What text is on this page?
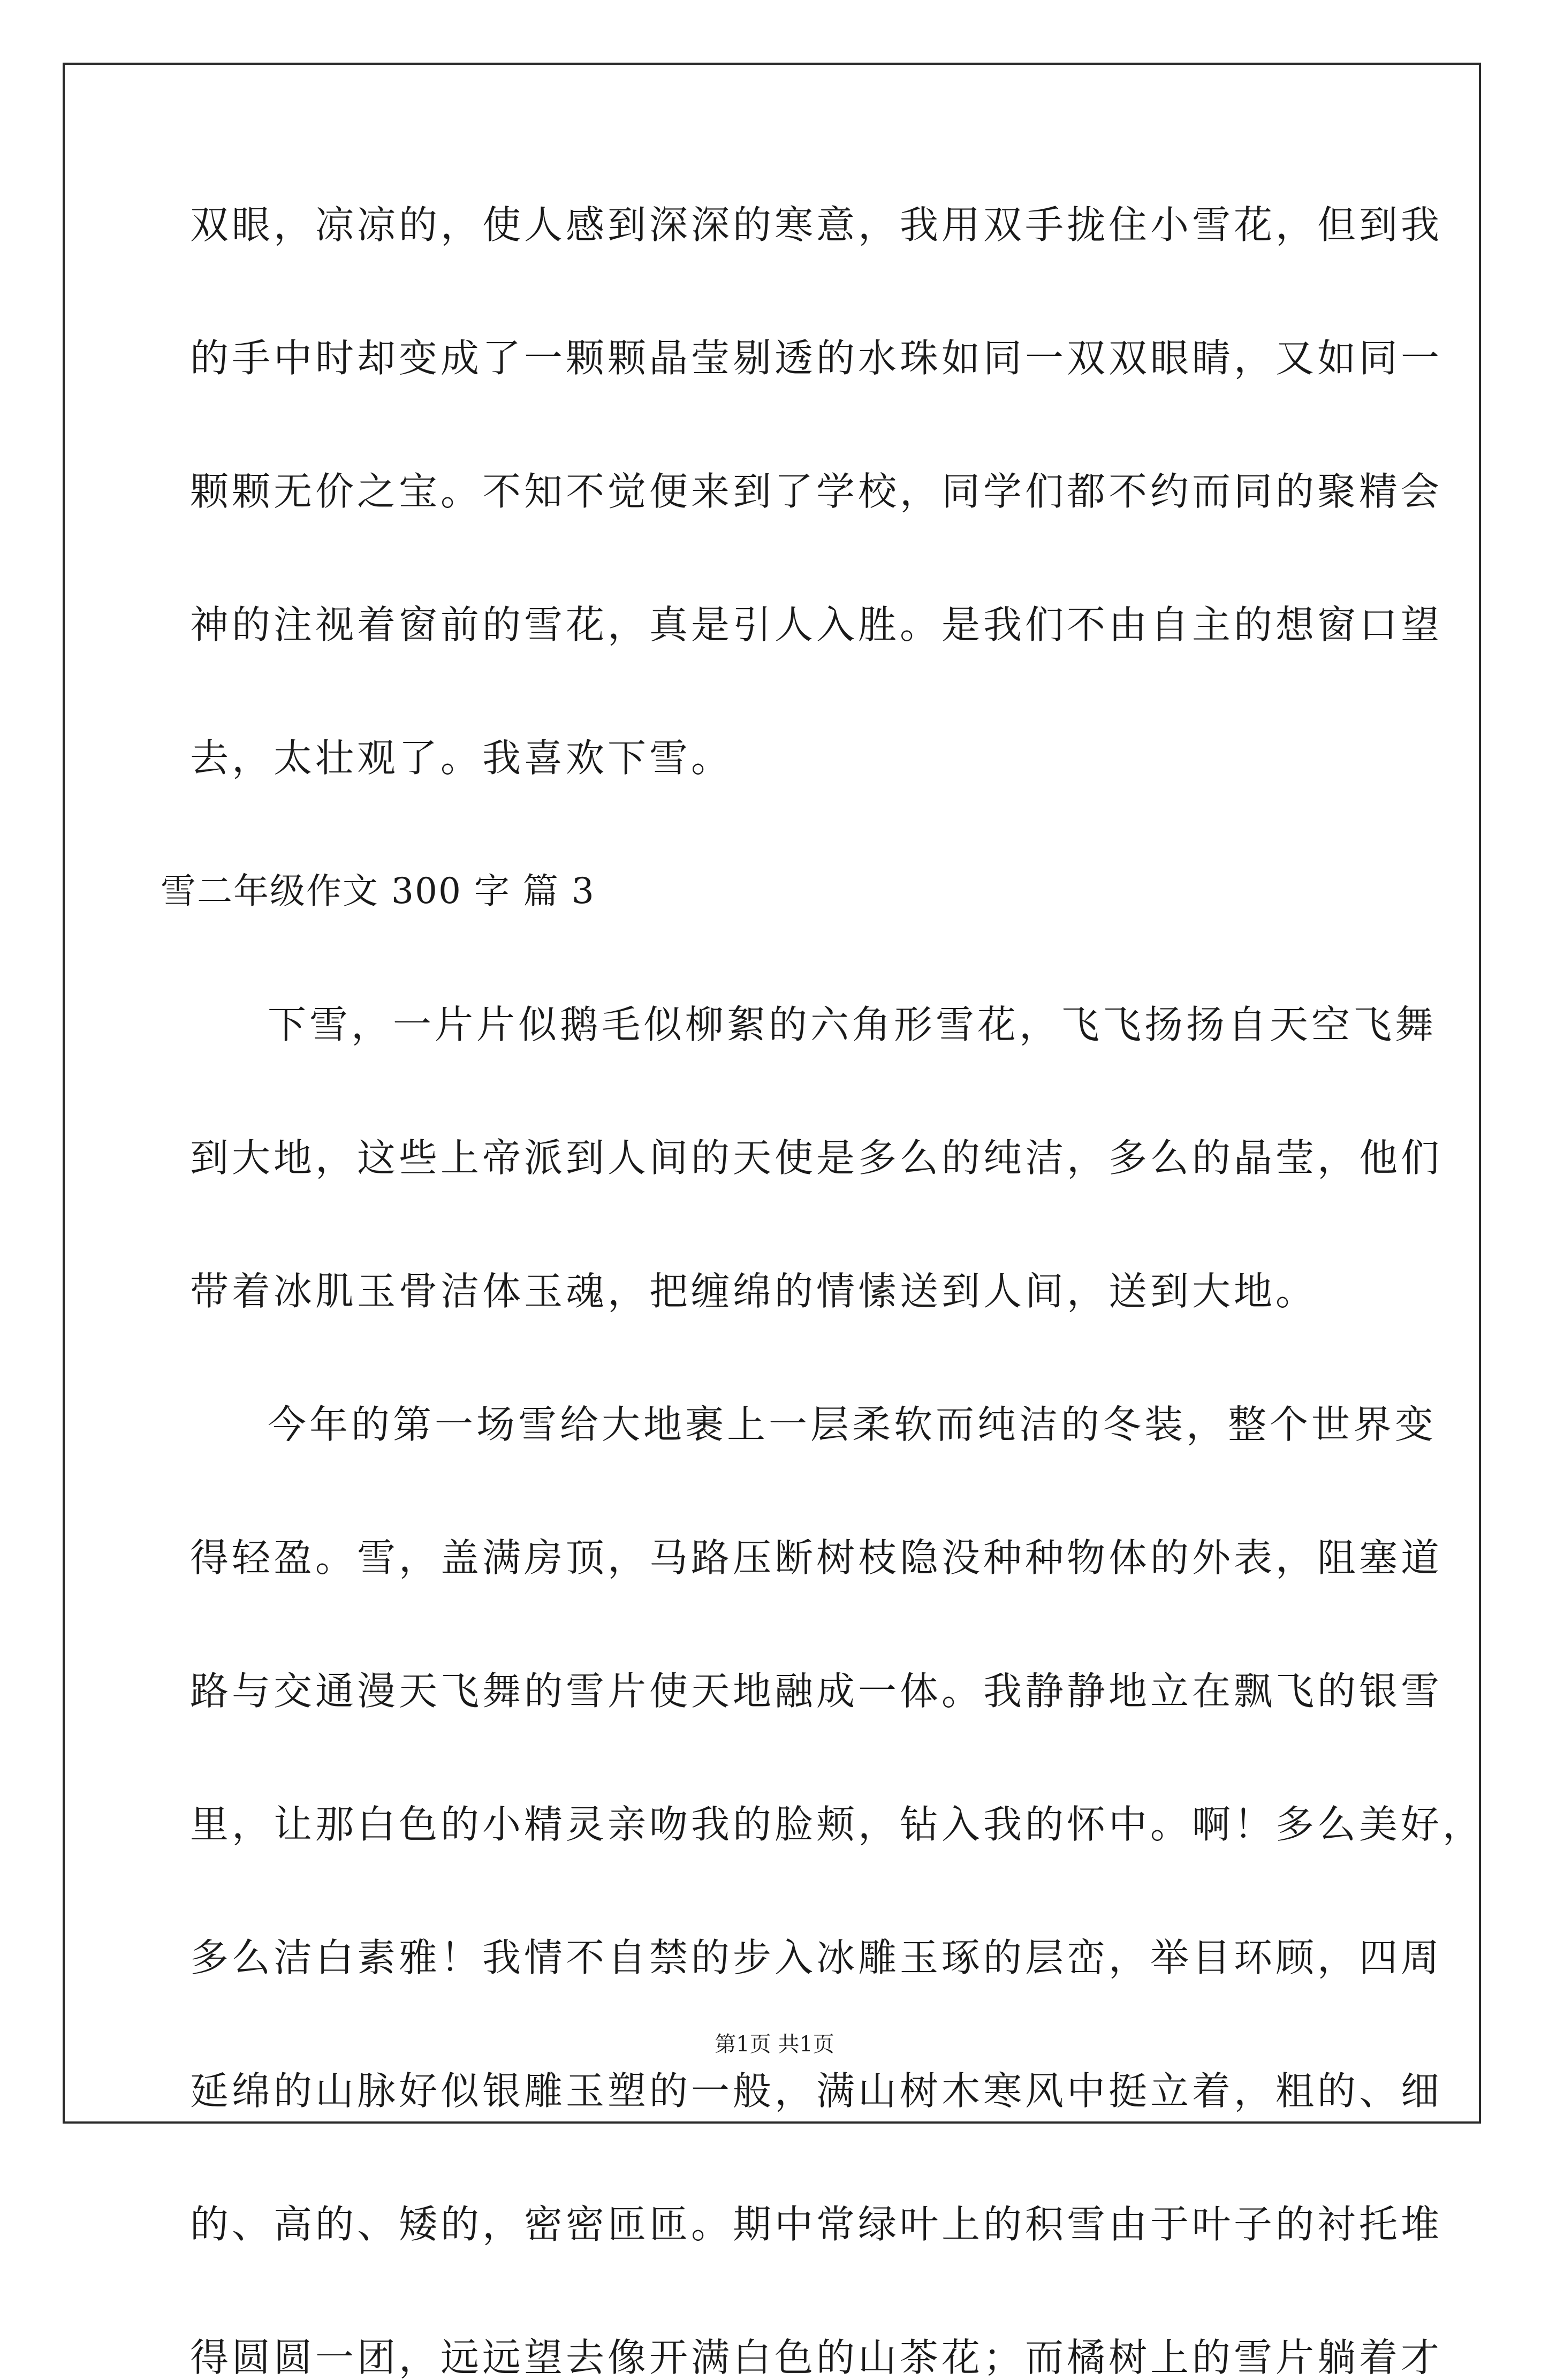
双眼，凉凉的，使人感到深深的寒意，我用双手拢住小雪花，但到我
的手中时却变成了一颗颗晶莹剔透的水珠如同一双双眼睛，又如同一
颗颗无价之宝。不知不觉便来到了学校，同学们都不约而同的聚精会
神的注视着窗前的雪花，真是引人入胜。是我们不由自主的想窗口望
去，太壮观了。我喜欢下雪。
雪二年级作文 300 字 篇 3
下雪，一片片似鹅毛似柳絮的六角形雪花，飞飞扬扬自天空飞舞
到大地，这些上帝派到人间的天使是多么的纯洁，多么的晶莹，他们
带着冰肌玉骨洁体玉魂，把缠绵的情愫送到人间，送到大地。
今年的第一场雪给大地裹上一层柔软而纯洁的冬装，整个世界变
得轻盈。雪，盖满房顶，马路压断树枝隐没种种物体的外表，阻塞道
路与交通漫天飞舞的雪片使天地融成一体。我静静地立在飘飞的银雪
里，让那白色的小精灵亲吻我的脸颊，钻入我的怀中。啊！多么美好，
多么洁白素雅！我情不自禁的步入冰雕玉琢的层峦，举目环顾，四周
延绵的山脉好似银雕玉塑的一般，满山树木寒风中挺立着，粗的、细
的、高的、矮的，密密匝匝。期中常绿叶上的积雪由于叶子的衬托堆
得圆圆一团，远远望去像开满白色的山茶花；而橘树上的雪片躺着才
第1页 共1页
